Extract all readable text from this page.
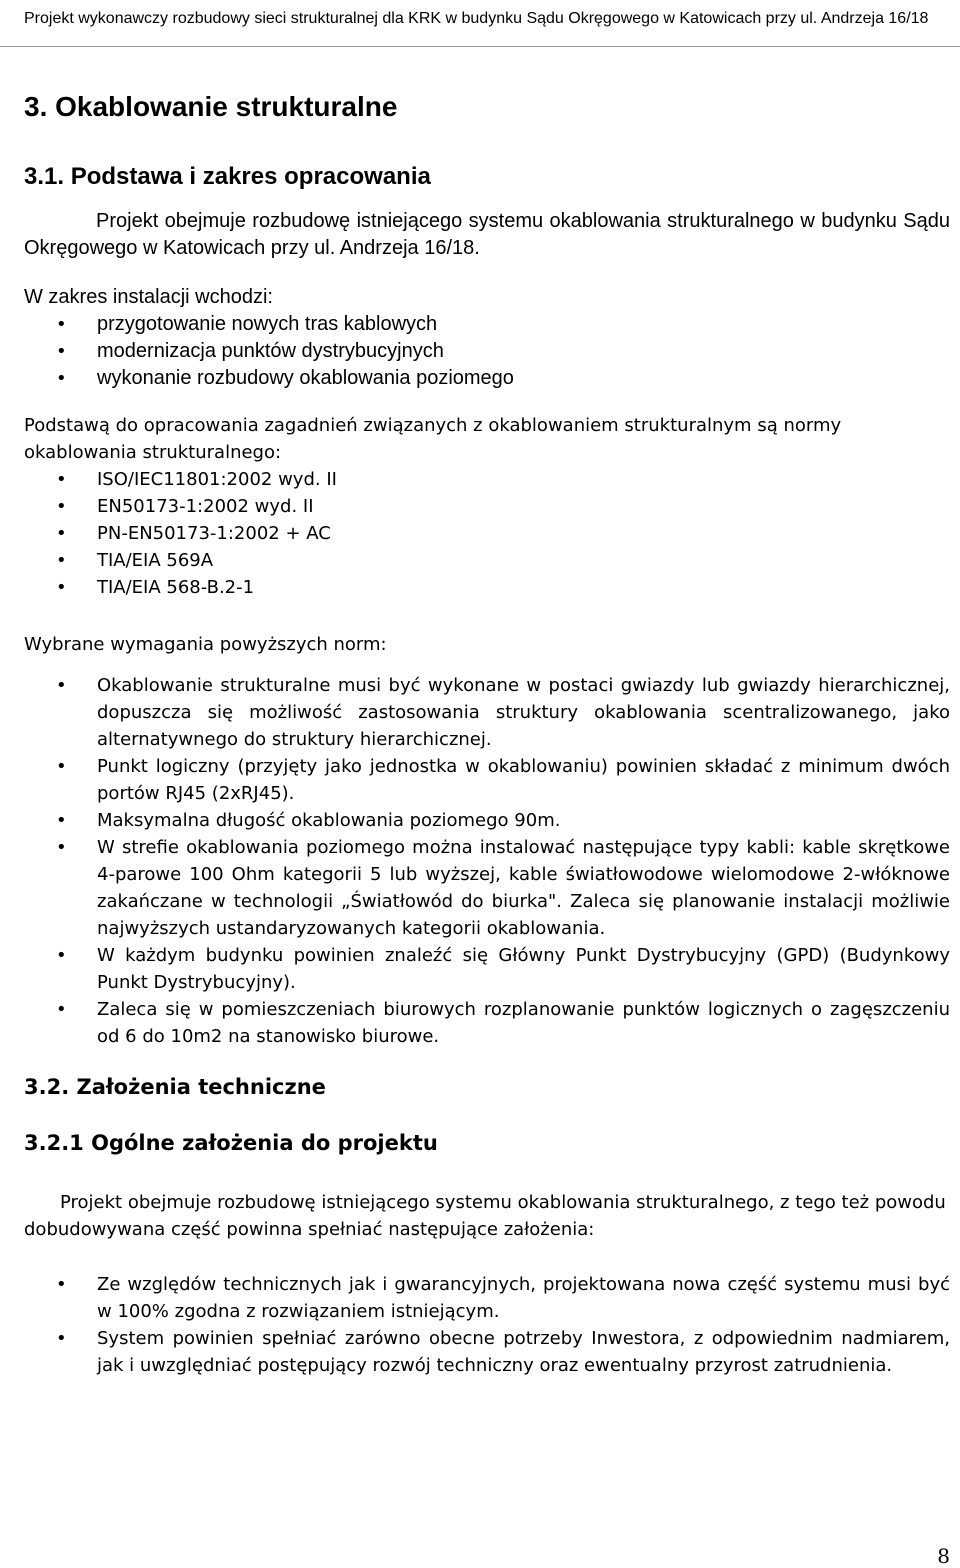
Projekt wykonawczy rozbudowy sieci strukturalnej dla KRK w budynku Sądu Okręgowego w Katowicach przy ul. Andrzeja 16/18
3. Okablowanie strukturalne
3.1. Podstawa i zakres opracowania

Projekt obejmuje rozbudowę istniejącego systemu okablowania strukturalnego w budynku Sądu Okręgowego w Katowicach przy ul. Andrzeja 16/18.

W zakres instalacji wchodzi:

• przygotowanie nowych tras kablowych
• modernizacja punktów dystrybucyjnych
• wykonanie rozbudowy okablowania poziomego

Podstawą do opracowania zagadnień związanych z okablowaniem strukturalnym są normy okablowania strukturalnego:

• ISO/IEC11801:2002 wyd. II
• EN50173-1:2002 wyd. II
• PN-EN50173-1:2002 + AC
• TIA/EIA 569A
• TIA/EIA 568-B.2-1

Wybrane wymagania powyższych norm:

• Okablowanie strukturalne musi być wykonane w postaci gwiazdy lub gwiazdy hierarchicznej, dopuszcza się możliwość zastosowania struktury okablowania scentralizowanego, jako alternatywnego do struktury hierarchicznej.
• Punkt logiczny (przyjęty jako jednostka w okablowaniu) powinien składać z minimum dwóch portów RJ45 (2xRJ45).
• Maksymalna długość okablowania poziomego 90m.
• W strefie okablowania poziomego można instalować następujące typy kabli: kable skrętkowe 4-parowe 100 Ohm kategorii 5 lub wyższej, kable światłowodowe wielomodowe 2-włóknowe zakańczane w technologii „Światłowód do biurka". Zaleca się planowanie instalacji możliwie najwyższych ustandaryzowanych kategorii okablowania.
• W każdym budynku powinien znaleźć się Główny Punkt Dystrybucyjny (GPD) (Budynkowy Punkt Dystrybucyjny).
• Zaleca się w pomieszczeniach biurowych rozplanowanie punktów logicznych o zagęszczeniu od 6 do 10m2 na stanowisko biurowe.
3.2. Założenia techniczne
3.2.1 Ogólne założenia do projektu

Projekt obejmuje rozbudowę istniejącego systemu okablowania strukturalnego, z tego też powodu dobudowywana część powinna spełniać następujące założenia:

• Ze względów technicznych jak i gwarancyjnych, projektowana nowa część systemu musi być w 100% zgodna z rozwiązaniem istniejącym.
• System powinien spełniać zarówno obecne potrzeby Inwestora, z odpowiednim nadmiarem, jak i uwzględniać postępujący rozwój techniczny oraz ewentualny przyrost zatrudnienia.
8
